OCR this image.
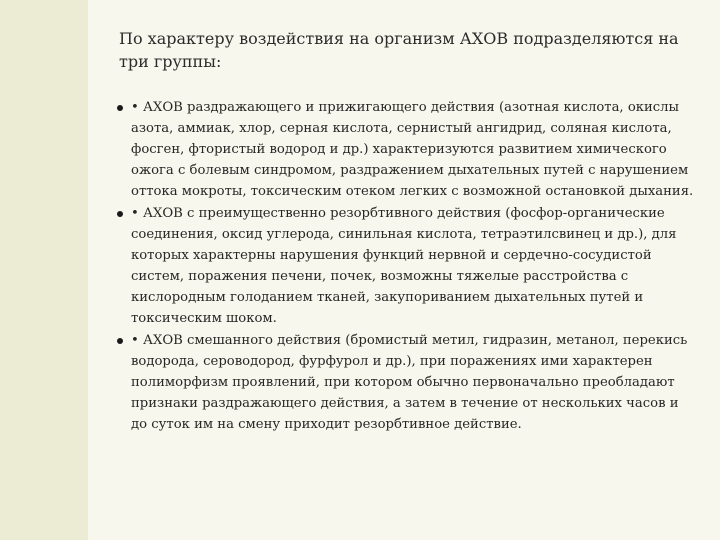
По характеру воздействия на организм АХОВ подразделяются на три группы:
• АХОВ раздражающего и прижигающего действия (азотная кислота, окислы азота, аммиак, хлор, серная кислота, сернистый ангидрид, соляная кислота, фосген, фтористый водород и др.) характеризуются развитием химического ожога с болевым синдромом, раздражением дыхательных путей с нарушением оттока мокроты, токсическим отеком легких с возможной остановкой дыхания.
• АХОВ с преимущественно резорбтивного действия (фосфор-органические соединения, оксид углерода, синильная кислота, тетраэтилсвинец и др.), для которых характерны нарушения функций нервной и сердечно-сосудистой систем, поражения печени, почек, возможны тяжелые расстройства с кислородным голоданием тканей, закупориванием дыхательных путей и токсическим шоком.
• АХОВ смешанного действия (бромистый метил, гидразин, метанол, перекись водорода, сероводород, фурфурол и др.), при поражениях ими характерен полиморфизм проявлений, при котором обычно первоначально преобладают признаки раздражающего действия, а затем в течение от нескольких часов и до суток им на смену приходит резорбтивное действие.
